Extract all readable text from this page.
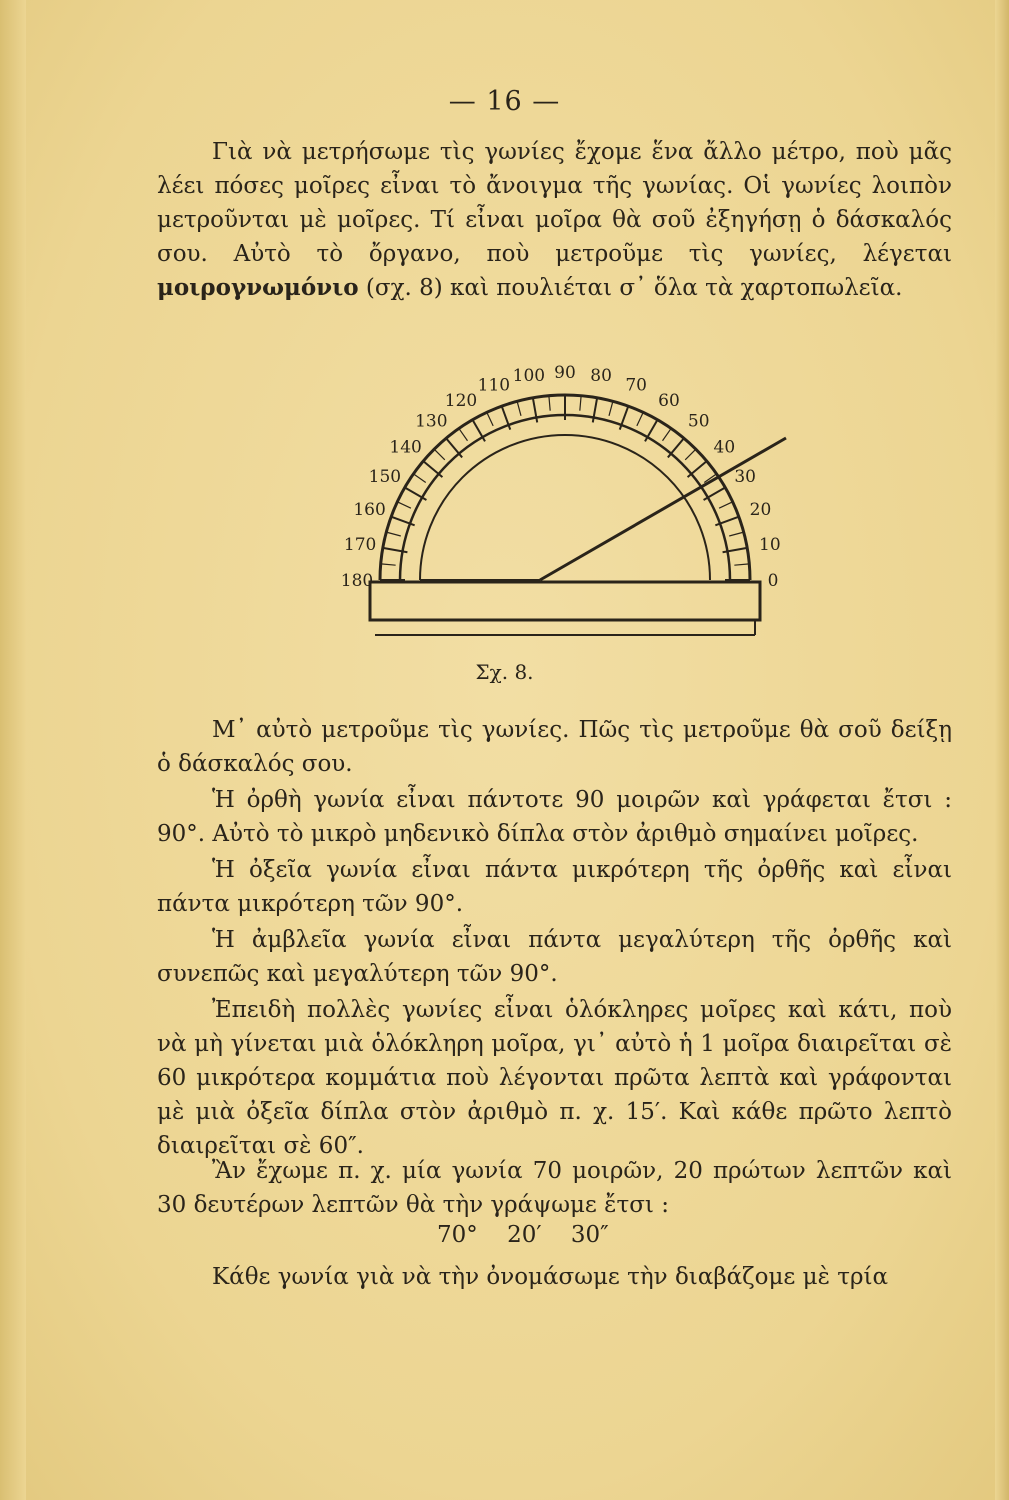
— 16 —

Γιὰ νὰ μετρήσωμε τὶς γωνίες ἔχομε ἕνα ἄλλο μέτρο, ποὺ μᾶς λέει πόσες μοῖρες εἶναι τὸ ἄνοιγμα τῆς γωνίας. Οἱ γωνίες λοιπὸν μετροῦνται μὲ μοῖρες. Τί εἶναι μοῖρα θὰ σοῦ ἐξηγήσῃ ὁ δάσκαλός σου. Αὐτὸ τὸ ὄργανο, ποὺ μετροῦμε τὶς γωνίες, λέγεται μοιρογνωμόνιο (σχ. 8) καὶ πουλιέται σ᾿ ὅλα τὰ χαρτοπωλεῖα.

10
20
30
40
50
60
70
80
90
100
110
120
130
140
150
160
170
180	0
Σχ. 8.

Μ᾿ αὐτὸ μετροῦμε τὶς γωνίες. Πῶς τὶς μετροῦμε θὰ σοῦ δείξῃ ὁ δάσκαλός σου.

Ἡ ὀρθὴ γωνία εἶναι πάντοτε 90 μοιρῶν καὶ γράφεται ἔτσι : 90°. Αὐτὸ τὸ μικρὸ μηδενικὸ δίπλα στὸν ἀριθμὸ σημαίνει μοῖρες.

Ἡ ὀξεῖα γωνία εἶναι πάντα μικρότερη τῆς ὀρθῆς καὶ εἶναι πάντα μικρότερη τῶν 90°.

Ἡ ἀμβλεῖα γωνία εἶναι πάντα μεγαλύτερη τῆς ὀρθῆς καὶ συνεπῶς καὶ μεγαλύτερη τῶν 90°.

Ἐπειδὴ πολλὲς γωνίες εἶναι ὁλόκληρες μοῖρες καὶ κάτι, ποὺ νὰ μὴ γίνεται μιὰ ὁλόκληρη μοῖρα, γι᾿ αὐτὸ ἡ 1 μοῖρα διαιρεῖται σὲ 60 μικρότερα κομμάτια ποὺ λέγονται πρῶτα λεπτὰ καὶ γράφονται μὲ μιὰ ὀξεῖα δίπλα στὸν ἀριθμὸ π. χ. 15′. Καὶ κάθε πρῶτο λεπτὸ διαιρεῖται σὲ 60″.

Ἂν ἔχωμε π. χ. μία γωνία 70 μοιρῶν, 20 πρώτων λεπτῶν καὶ 30 δευτέρων λεπτῶν θὰ τὴν γράψωμε ἔτσι :

70° 20′ 30″

Κάθε γωνία γιὰ νὰ τὴν ὀνομάσωμε τὴν διαβάζομε μὲ τρία
